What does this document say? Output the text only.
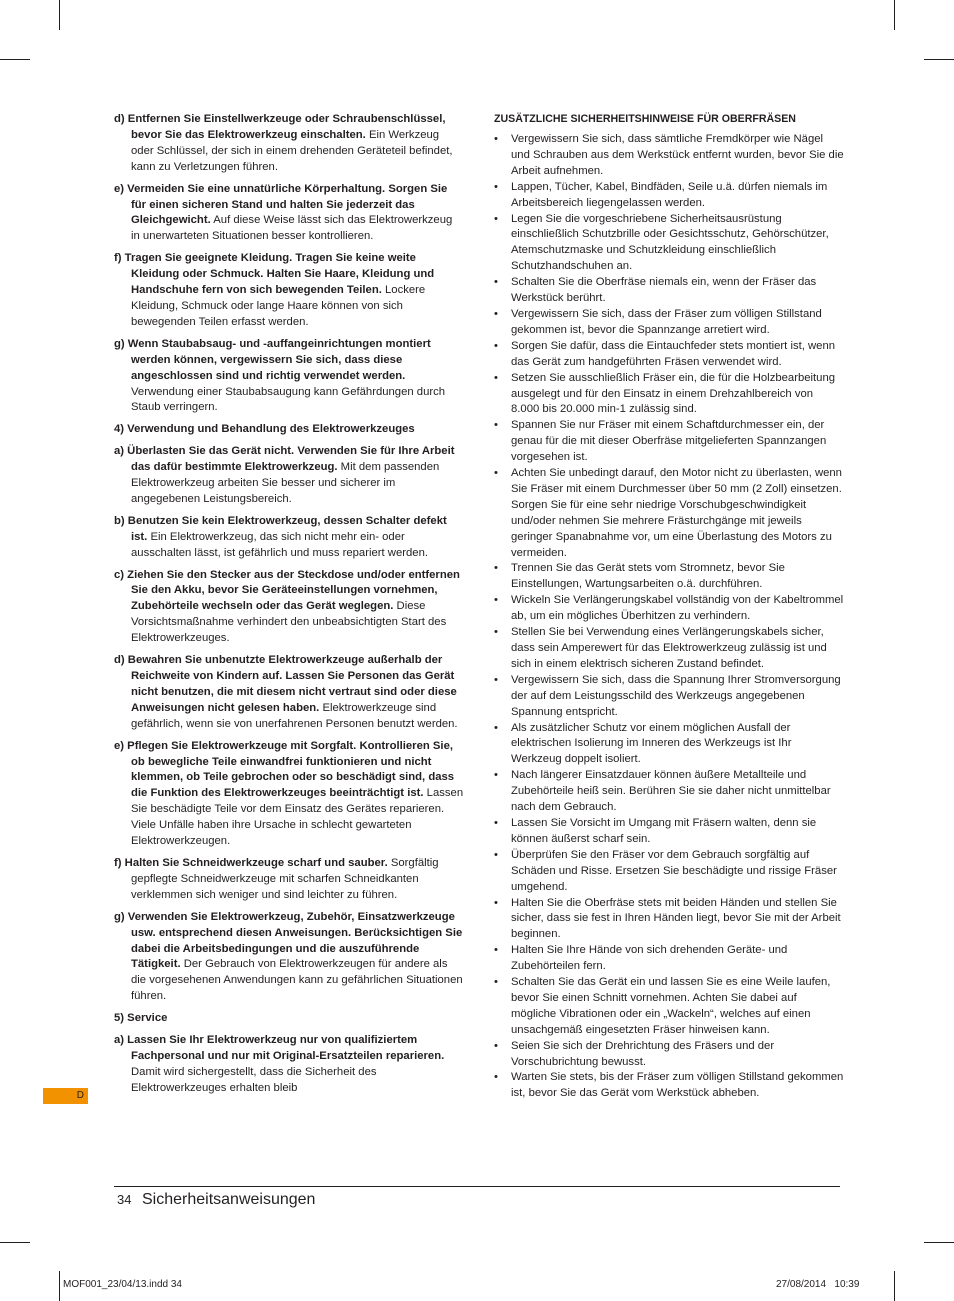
d) Entfernen Sie Einstellwerkzeuge oder Schraubenschlüssel, bevor Sie das Elektrowerkzeug einschalten. Ein Werkzeug oder Schlüssel, der sich in einem drehenden Geräteteil befindet, kann zu Verletzungen führen.
e) Vermeiden Sie eine unnatürliche Körperhaltung. Sorgen Sie für einen sicheren Stand und halten Sie jederzeit das Gleichgewicht. Auf diese Weise lässt sich das Elektrowerkzeug in unerwarteten Situationen besser kontrollieren.
f) Tragen Sie geeignete Kleidung. Tragen Sie keine weite Kleidung oder Schmuck. Halten Sie Haare, Kleidung und Handschuhe fern von sich bewegenden Teilen. Lockere Kleidung, Schmuck oder lange Haare können von sich bewegenden Teilen erfasst werden.
g) Wenn Staubabsaug- und -auffangeinrichtungen montiert werden können, vergewissern Sie sich, dass diese angeschlossen sind und richtig verwendet werden. Verwendung einer Staubabsaugung kann Gefährdungen durch Staub verringern.
4) Verwendung und Behandlung des Elektrowerkzeuges
a) Überlasten Sie das Gerät nicht. Verwenden Sie für Ihre Arbeit das dafür bestimmte Elektrowerkzeug. Mit dem passenden Elektrowerkzeug arbeiten Sie besser und sicherer im angegebenen Leistungsbereich.
b) Benutzen Sie kein Elektrowerkzeug, dessen Schalter defekt ist. Ein Elektrowerkzeug, das sich nicht mehr ein- oder ausschalten lässt, ist gefährlich und muss repariert werden.
c) Ziehen Sie den Stecker aus der Steckdose und/oder entfernen Sie den Akku, bevor Sie Geräteeinstellungen vornehmen, Zubehörteile wechseln oder das Gerät weglegen. Diese Vorsichtsmaßnahme verhindert den unbeabsichtigten Start des Elektrowerkzeuges.
d) Bewahren Sie unbenutzte Elektrowerkzeuge außerhalb der Reichweite von Kindern auf. Lassen Sie Personen das Gerät nicht benutzen, die mit diesem nicht vertraut sind oder diese Anweisungen nicht gelesen haben. Elektrowerkzeuge sind gefährlich, wenn sie von unerfahrenen Personen benutzt werden.
e) Pflegen Sie Elektrowerkzeuge mit Sorgfalt. Kontrollieren Sie, ob bewegliche Teile einwandfrei funktionieren und nicht klemmen, ob Teile gebrochen oder so beschädigt sind, dass die Funktion des Elektrowerkzeuges beeinträchtigt ist. Lassen Sie beschädigte Teile vor dem Einsatz des Gerätes reparieren. Viele Unfälle haben ihre Ursache in schlecht gewarteten Elektrowerkzeugen.
f) Halten Sie Schneidwerkzeuge scharf und sauber. Sorgfältig gepflegte Schneidwerkzeuge mit scharfen Schneidkanten verklemmen sich weniger und sind leichter zu führen.
g) Verwenden Sie Elektrowerkzeug, Zubehör, Einsatzwerkzeuge usw. entsprechend diesen Anweisungen. Berücksichtigen Sie dabei die Arbeitsbedingungen und die auszuführende Tätigkeit. Der Gebrauch von Elektrowerkzeugen für andere als die vorgesehenen Anwendungen kann zu gefährlichen Situationen führen.
5) Service
a) Lassen Sie Ihr Elektrowerkzeug nur von qualifiziertem Fachpersonal und nur mit Original-Ersatzteilen reparieren. Damit wird sichergestellt, dass die Sicherheit des Elektrowerkzeuges erhalten bleib
ZUSÄTZLICHE SICHERHEITSHINWEISE FÜR OBERFRÄSEN
• Vergewissern Sie sich, dass sämtliche Fremdkörper wie Nägel und Schrauben aus dem Werkstück entfernt wurden, bevor Sie die Arbeit aufnehmen.
• Lappen, Tücher, Kabel, Bindfäden, Seile u.ä. dürfen niemals im Arbeitsbereich liegengelassen werden.
• Legen Sie die vorgeschriebene Sicherheitsausrüstung einschließlich Schutzbrille oder Gesichtsschutz, Gehörschützer, Atemschutzmaske und Schutzkleidung einschließlich Schutzhandschuhen an.
• Schalten Sie die Oberfräse niemals ein, wenn der Fräser das Werkstück berührt.
• Vergewissern Sie sich, dass der Fräser zum völligen Stillstand gekommen ist, bevor die Spannzange arretiert wird.
• Sorgen Sie dafür, dass die Eintauchfeder stets montiert ist, wenn das Gerät zum handgeführten Fräsen verwendet wird.
• Setzen Sie ausschließlich Fräser ein, die für die Holzbearbeitung ausgelegt und für den Einsatz in einem Drehzahlbereich von 8.000 bis 20.000 min-1 zulässig sind.
• Spannen Sie nur Fräser mit einem Schaftdurchmesser ein, der genau für die mit dieser Oberfräse mitgelieferten Spannzangen vorgesehen ist.
• Achten Sie unbedingt darauf, den Motor nicht zu überlasten, wenn Sie Fräser mit einem Durchmesser über 50 mm (2 Zoll) einsetzen. Sorgen Sie für eine sehr niedrige Vorschubgeschwindigkeit und/oder nehmen Sie mehrere Frästurchgänge mit jeweils geringer Spanabnahme vor, um eine Überlastung des Motors zu vermeiden.
• Trennen Sie das Gerät stets vom Stromnetz, bevor Sie Einstellungen, Wartungsarbeiten o.ä. durchführen.
• Wickeln Sie Verlängerungskabel vollständig von der Kabeltrommel ab, um ein mögliches Überhitzen zu verhindern.
• Stellen Sie bei Verwendung eines Verlängerungskabels sicher, dass sein Amperewert für das Elektrowerkzeug zulässig ist und sich in einem elektrisch sicheren Zustand befindet.
• Vergewissern Sie sich, dass die Spannung Ihrer Stromversorgung der auf dem Leistungsschild des Werkzeugs angegebenen Spannung entspricht.
• Als zusätzlicher Schutz vor einem möglichen Ausfall der elektrischen Isolierung im Inneren des Werkzeugs ist Ihr Werkzeug doppelt isoliert.
• Nach längerer Einsatzdauer können äußere Metallteile und Zubehörteile heiß sein. Berühren Sie sie daher nicht unmittelbar nach dem Gebrauch.
• Lassen Sie Vorsicht im Umgang mit Fräsern walten, denn sie können äußerst scharf sein.
• Überprüfen Sie den Fräser vor dem Gebrauch sorgfältig auf Schäden und Risse. Ersetzen Sie beschädigte und rissige Fräser umgehend.
• Halten Sie die Oberfräse stets mit beiden Händen und stellen Sie sicher, dass sie fest in Ihren Händen liegt, bevor Sie mit der Arbeit beginnen.
• Halten Sie Ihre Hände von sich drehenden Geräte- und Zubehörteilen fern.
• Schalten Sie das Gerät ein und lassen Sie es eine Weile laufen, bevor Sie einen Schnitt vornehmen. Achten Sie dabei auf mögliche Vibrationen oder ein „Wackeln“, welches auf einen unsachgemäß eingesetzten Fräser hinweisen kann.
• Seien Sie sich der Drehrichtung des Fräsers und der Vorschubrichtung bewusst.
• Warten Sie stets, bis der Fräser zum völligen Stillstand gekommen ist, bevor Sie das Gerät vom Werkstück abheben.
D
34 Sicherheitsanweisungen
MOF001_23/04/13.indd 34	27/08/2014   10:39
